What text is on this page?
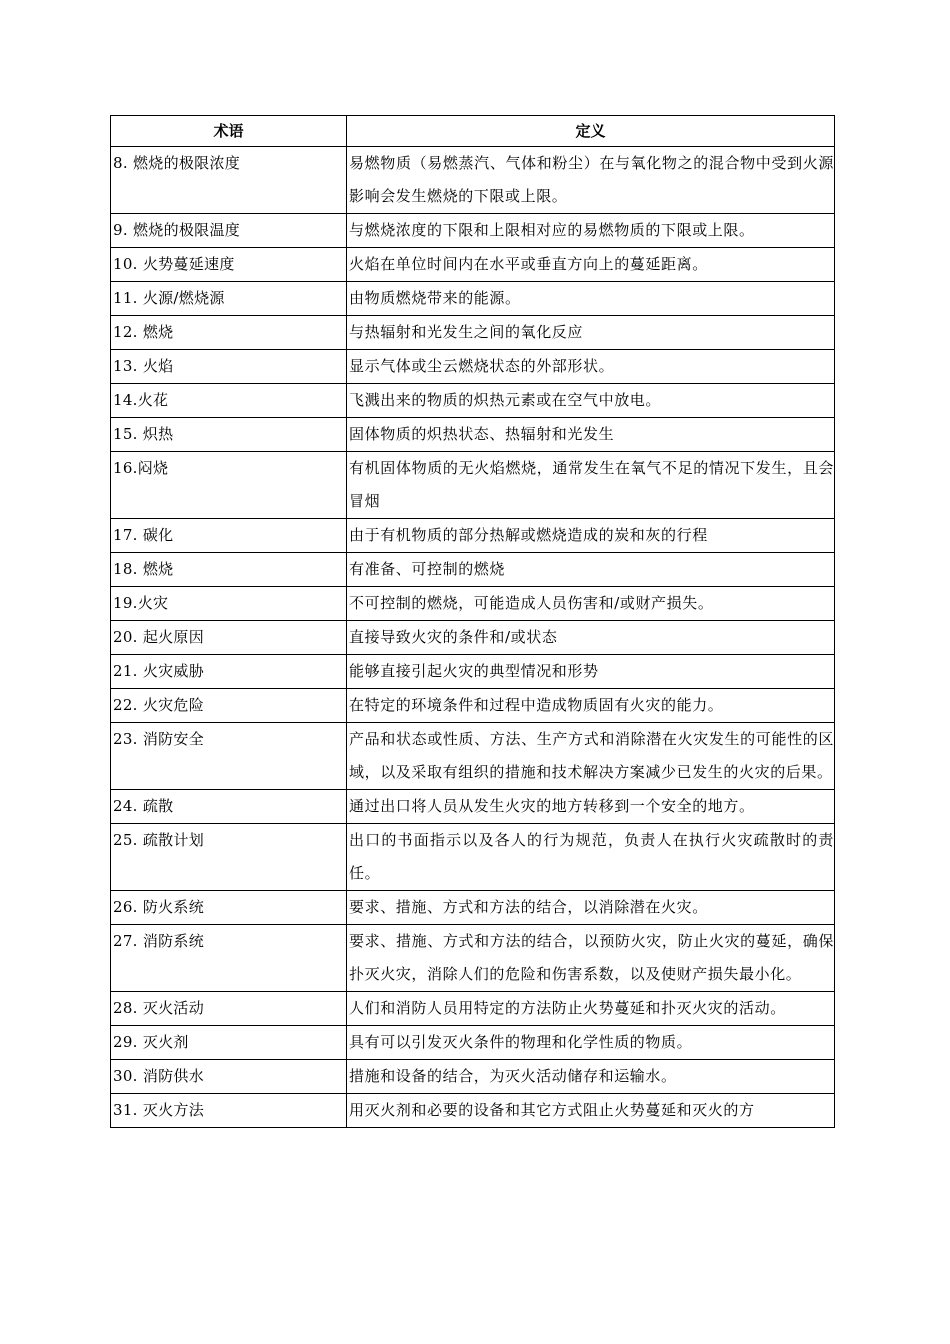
术语	定义
8. 燃烧的极限浓度	易燃物质（易燃蒸汽、气体和粉尘）在与氧化物之的混合物中受到火源影响会发生燃烧的下限或上限。
9. 燃烧的极限温度	与燃烧浓度的下限和上限相对应的易燃物质的下限或上限。
10. 火势蔓延速度	火焰在单位时间内在水平或垂直方向上的蔓延距离。
11. 火源/燃烧源	由物质燃烧带来的能源。
12. 燃烧	与热辐射和光发生之间的氧化反应
13. 火焰	显示气体或尘云燃烧状态的外部形状。
14.火花	飞溅出来的物质的炽热元素或在空气中放电。
15. 炽热	固体物质的炽热状态、热辐射和光发生
16.闷烧	有机固体物质的无火焰燃烧，通常发生在氧气不足的情况下发生，且会冒烟
17. 碳化	由于有机物质的部分热解或燃烧造成的炭和灰的行程
18. 燃烧	有准备、可控制的燃烧
19.火灾	不可控制的燃烧，可能造成人员伤害和/或财产损失。
20. 起火原因	直接导致火灾的条件和/或状态
21. 火灾威胁	能够直接引起火灾的典型情况和形势
22. 火灾危险	在特定的环境条件和过程中造成物质固有火灾的能力。
23. 消防安全	产品和状态或性质、方法、生产方式和消除潜在火灾发生的可能性的区域，以及采取有组织的措施和技术解决方案减少已发生的火灾的后果。
24. 疏散	通过出口将人员从发生火灾的地方转移到一个安全的地方。
25. 疏散计划	出口的书面指示以及各人的行为规范，负责人在执行火灾疏散时的责任。
26. 防火系统	要求、措施、方式和方法的结合，以消除潜在火灾。
27. 消防系统	要求、措施、方式和方法的结合，以预防火灾，防止火灾的蔓延，确保扑灭火灾，消除人们的危险和伤害系数，以及使财产损失最小化。
28. 灭火活动	人们和消防人员用特定的方法防止火势蔓延和扑灭火灾的活动。
29. 灭火剂	具有可以引发灭火条件的物理和化学性质的物质。
30. 消防供水	措施和设备的结合，为灭火活动储存和运输水。
31. 灭火方法	用灭火剂和必要的设备和其它方式阻止火势蔓延和灭火的方
